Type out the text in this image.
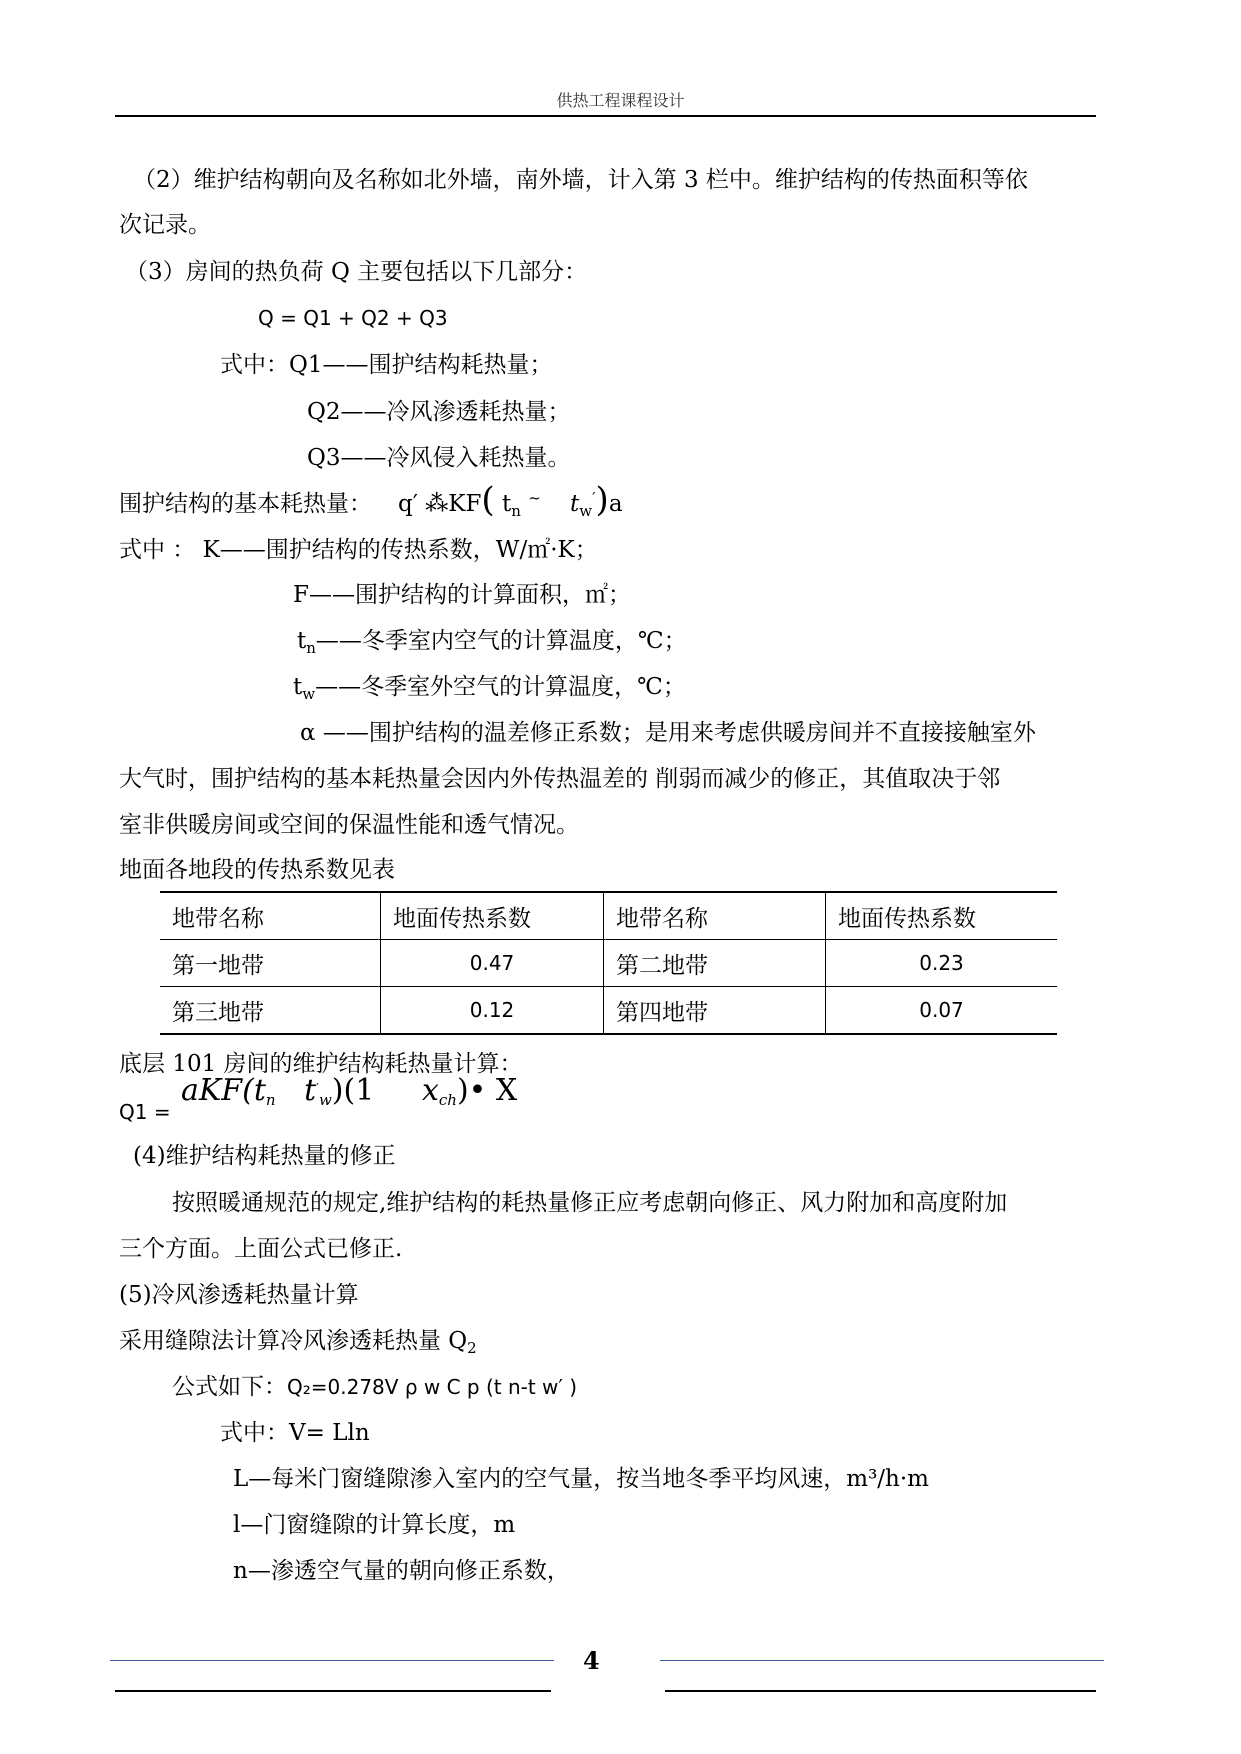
供热工程课程设计
（2）维护结构朝向及名称如北外墙，南外墙，计入第 3 栏中。维护结构的传热面积等依
次记录。
（3）房间的热负荷 Q 主要包括以下几部分：
Q = Q1 + Q2 + Q3
式中：Q1——围护结构耗热量；
Q2——冷风渗透耗热量；
Q3——冷风侵入耗热量。
围护结构的基本耗热量： q′ ⁂KF( $t_n$ ~ $t_w')a$
式中 ： K——围护结构的传热系数，W/㎡·K；
F——围护结构的计算面积，㎡；
$t_n——$冬季室内空气的计算温度，℃；
$t_w——$冬季室外空气的计算温度，℃；
α ——围护结构的温差修正系数；是用来考虑供暖房间并不直接接触室外
大气时，围护结构的基本耗热量会因内外传热温差的 削弱而减少的修正，其值取决于邻
室非供暖房间或空间的保温性能和透气情况。
地面各地段的传热系数见表
地带名称	地面传热系数	地带名称	地面传热系数
第一地带	0.47	第二地带	0.23
第三地带	0.12	第四地带	0.07
底层 101 房间的维护结构耗热量计算：
Q1 =
$aKF(t_n$ $t'_w)(1$     $x_{ch})•$ X
(4)维护结构耗热量的修正
按照暖通规范的规定,维护结构的耗热量修正应考虑朝向修正、风力附加和高度附加
三个方面。上面公式已修正.
(5)冷风渗透耗热量计算
采用缝隙法计算冷风渗透耗热量 $Q_2$
公式如下：Q₂=0.278V ρ w C p (t n-t w′ )
式中：V= Lln
L—每米门窗缝隙渗入室内的空气量，按当地冬季平均风速，m³/h·m
l—门窗缝隙的计算长度，m
n—渗透空气量的朝向修正系数，
4
